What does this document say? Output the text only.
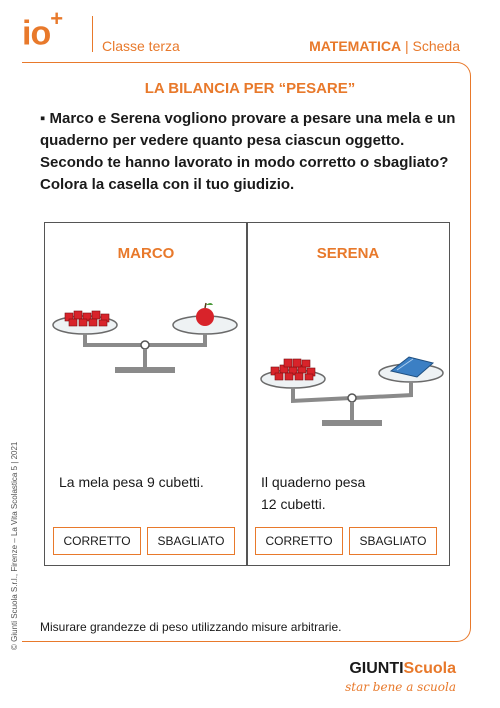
io+
Classe terza	MATEMATICA | Scheda
LA BILANCIA PER “PESARE”
▪ Marco e Serena vogliono provare a pesare una mela e un quaderno per vedere quanto pesa ciascun oggetto. Secondo te hanno lavorato in modo corretto o sbagliato? Colora la casella con il tuo giudizio.
MARCO
La mela pesa 9 cubetti.
CORRETTO	SBAGLIATO
SERENA
Il quaderno pesa 12 cubetti.
CORRETTO	SBAGLIATO
Misurare grandezze di peso utilizzando misure arbitrarie.
© Giunti Scuola S.r.l., Firenze – La Vita Scolastica 5 | 2021
GIUNTIScuola
star bene a scuola
